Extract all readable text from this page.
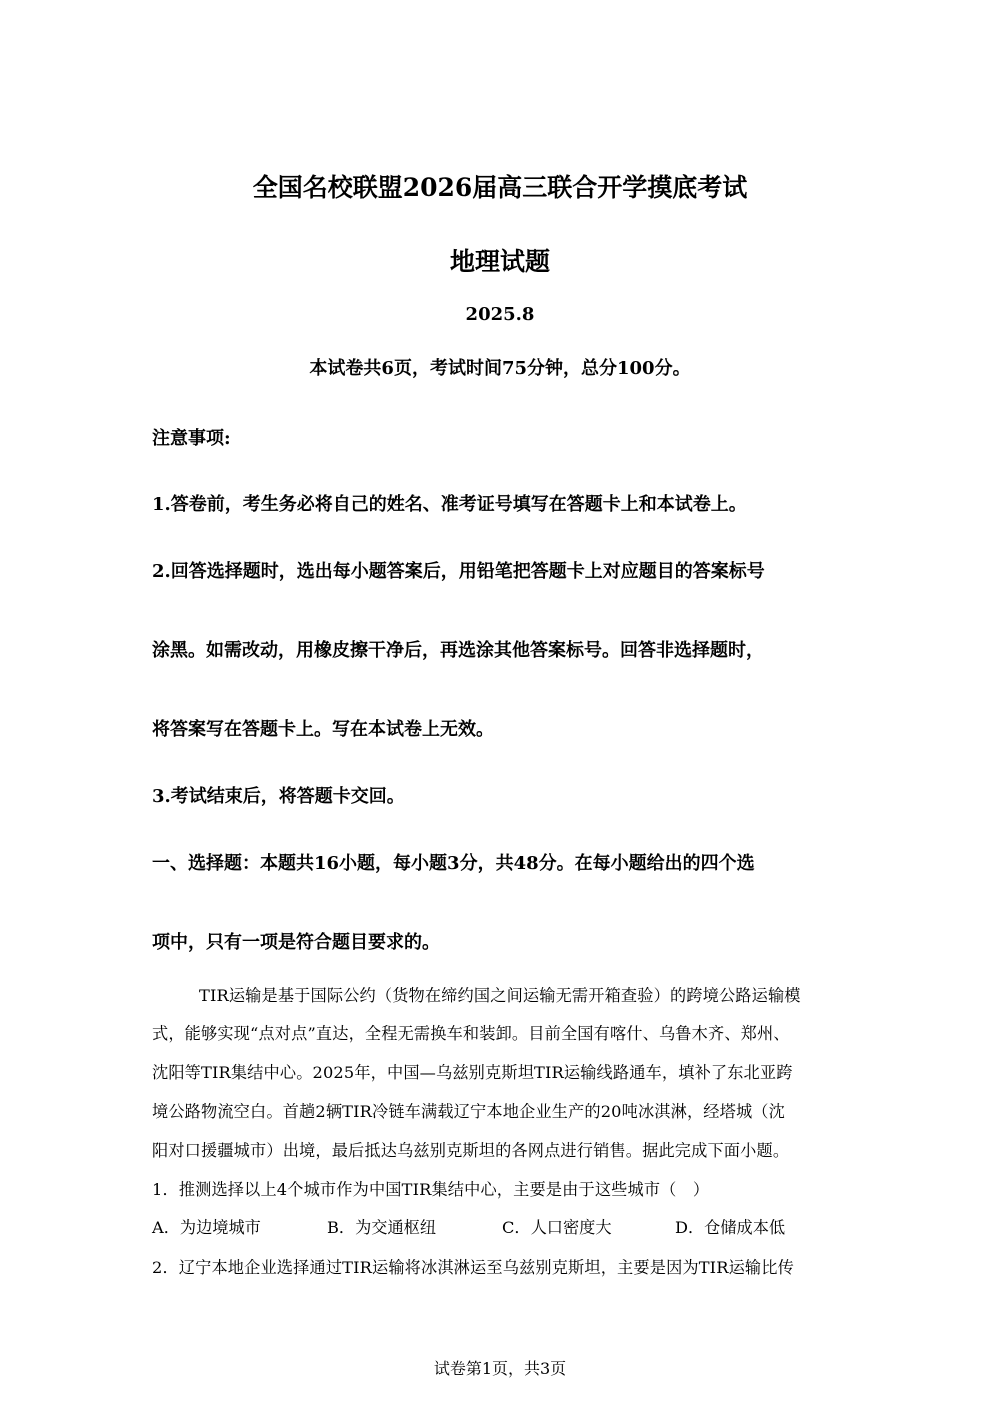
全国名校联盟2026届高三联合开学摸底考试
地理试题
2025.8
本试卷共6页，考试时间75分钟，总分100分。
注意事项:
1.答卷前，考生务必将自己的姓名、准考证号填写在答题卡上和本试卷上。
2.回答选择题时，选出每小题答案后，用铅笔把答题卡上对应题目的答案标号
涂黑。如需改动，用橡皮擦干净后，再选涂其他答案标号。回答非选择题时，
将答案写在答题卡上。写在本试卷上无效。
3.考试结束后，将答题卡交回。
一、选择题：本题共16小题，每小题3分，共48分。在每小题给出的四个选
项中，只有一项是符合题目要求的。
TIR运输是基于国际公约（货物在缔约国之间运输无需开箱查验）的跨境公路运输模
式，能够实现“点对点”直达，全程无需换车和装卸。目前全国有喀什、乌鲁木齐、郑州、
沈阳等TIR集结中心。2025年，中国—乌兹别克斯坦TIR运输线路通车，填补了东北亚跨
境公路物流空白。首趟2辆TIR冷链车满载辽宁本地企业生产的20吨冰淇淋，经塔城（沈
阳对口援疆城市）出境，最后抵达乌兹别克斯坦的各网点进行销售。据此完成下面小题。
1．推测选择以上4个城市作为中国TIR集结中心，主要是由于这些城市（　）
A．为边境城市	B．为交通枢纽	C．人口密度大	D．仓储成本低
2．辽宁本地企业选择通过TIR运输将冰淇淋运至乌兹别克斯坦，主要是因为TIR运输比传
试卷第1页，共3页
